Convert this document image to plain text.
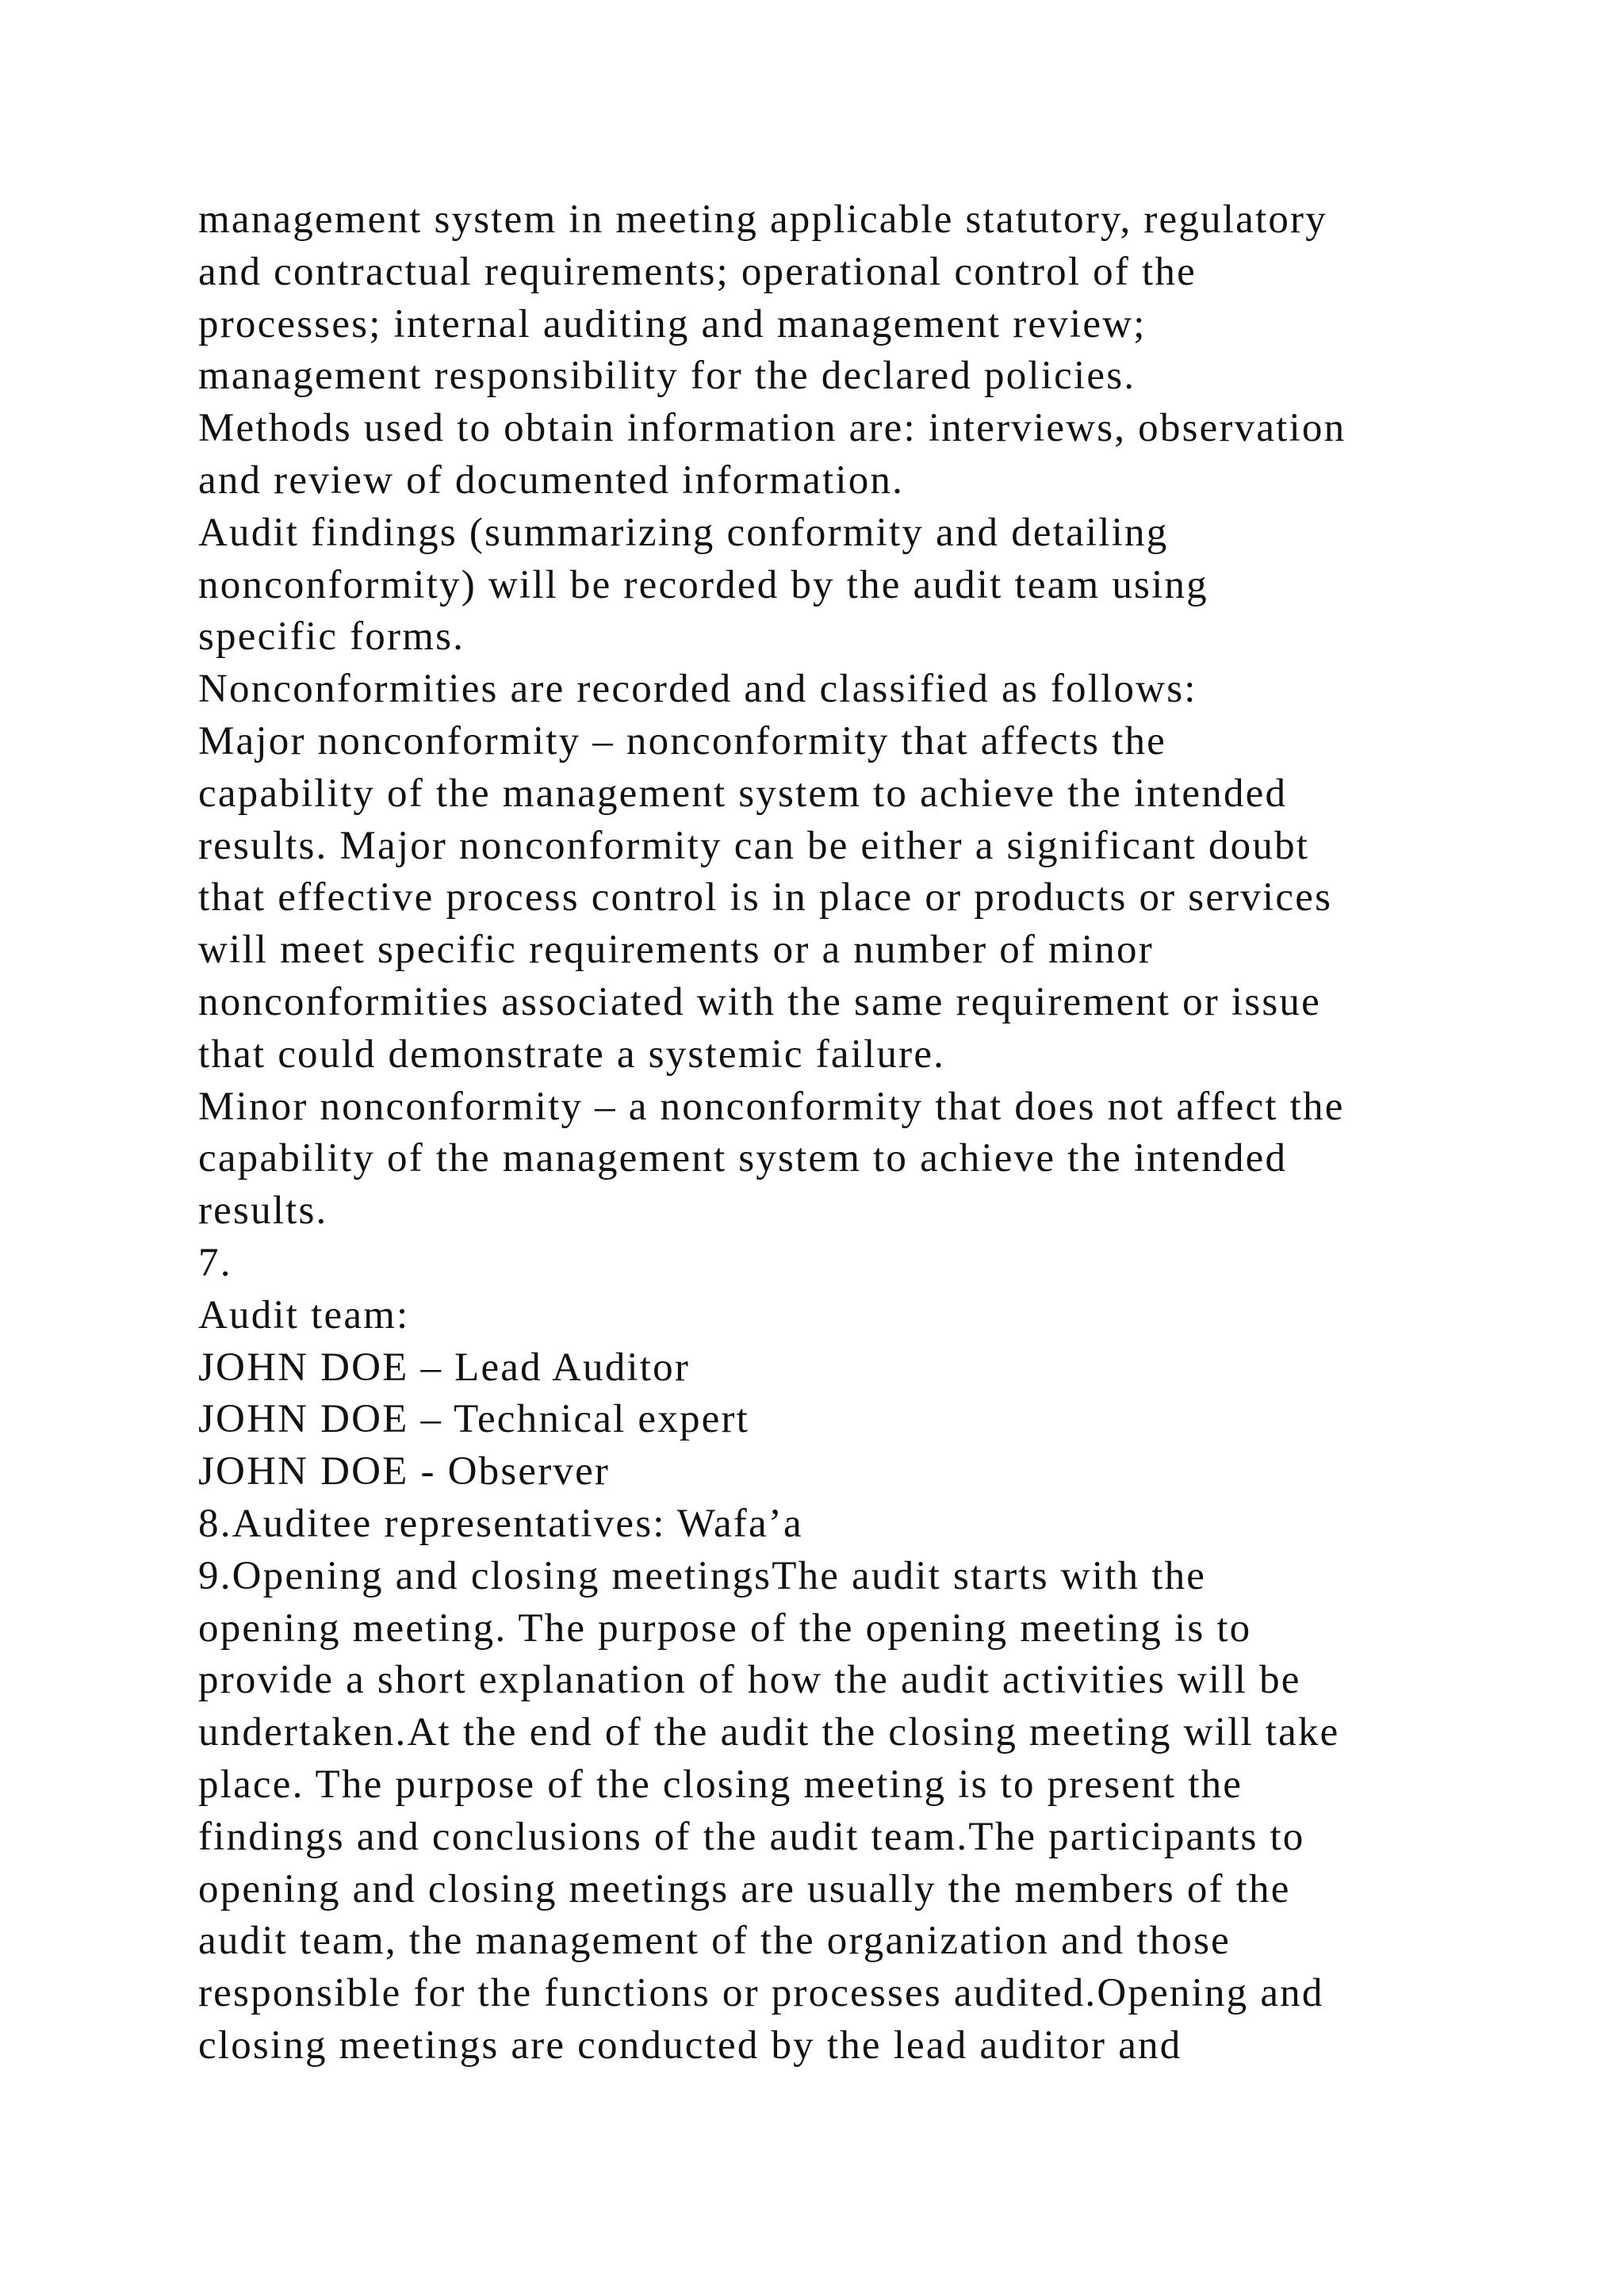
management system in meeting applicable statutory, regulatory
and contractual requirements; operational control of the
processes; internal auditing and management review;
management responsibility for the declared policies.
Methods used to obtain information are: interviews, observation
and review of documented information.
Audit findings (summarizing conformity and detailing
nonconformity) will be recorded by the audit team using
specific forms.
Nonconformities are recorded and classified as follows:
Major nonconformity – nonconformity that affects the
capability of the management system to achieve the intended
results. Major nonconformity can be either a significant doubt
that effective process control is in place or products or services
will meet specific requirements or a number of minor
nonconformities associated with the same requirement or issue
that could demonstrate a systemic failure.
Minor nonconformity – a nonconformity that does not affect the
capability of the management system to achieve the intended
results.
7.
Audit team:
JOHN DOE – Lead Auditor
JOHN DOE – Technical expert
JOHN DOE - Observer
8.Auditee representatives: Wafa’a
9.Opening and closing meetingsThe audit starts with the
opening meeting. The purpose of the opening meeting is to
provide a short explanation of how the audit activities will be
undertaken.At the end of the audit the closing meeting will take
place. The purpose of the closing meeting is to present the
findings and conclusions of the audit team.The participants to
opening and closing meetings are usually the members of the
audit team, the management of the organization and those
responsible for the functions or processes audited.Opening and
closing meetings are conducted by the lead auditor and
